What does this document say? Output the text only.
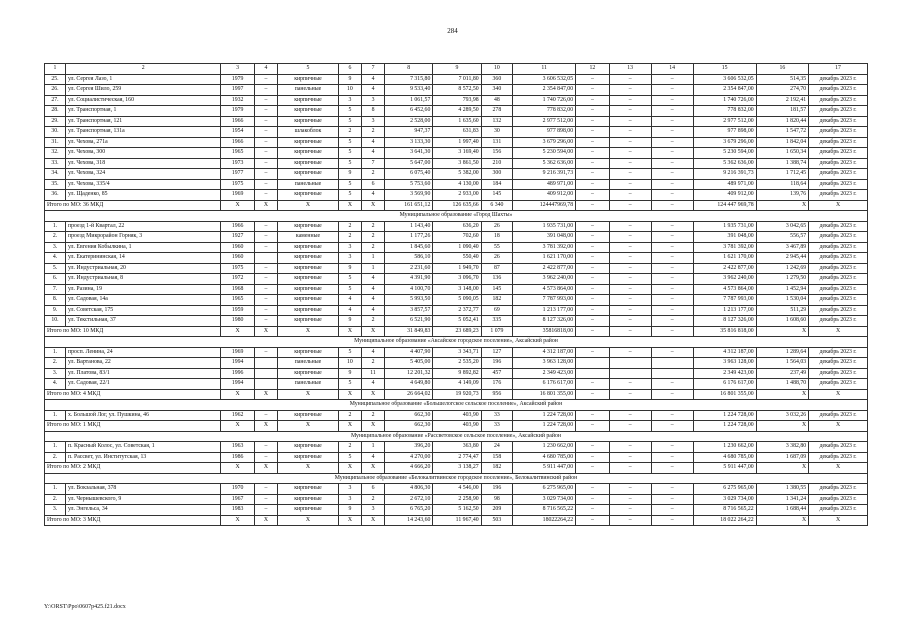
284
1	2	3	4	5	6	7	8	9	10	11	12	13	14	15	16	17
25.	ул. Сергея Лазо, 1	1979	–	кирпичные	9	4	7 315,80	7 011,80	360	3 606 532,05	–	–	–	3 606 532,05	514,35	декабрь 2023 г.
26.	ул. Сергея Шило, 259	1997	–	панельные	10	4	9 533,40	8 572,50	340	2 354 847,00	–	–	–	2 354 847,00	274,70	декабрь 2023 г.
27.	ул. Социалистическая, 160	1932	–	кирпичные	3	3	1 061,57	793,98	48	1 740 726,00	–	–	–	1 740 726,00	2 192,41	декабрь 2023 г.
28.	ул. Транспортная, 1	1979	–	кирпичные	5	8	6 452,60	4 289,50	278	778 832,00	–	–	–	778 832,00	181,57	декабрь 2023 г.
29.	ул. Транспортная, 121	1966	–	кирпичные	5	3	2 528,00	1 635,60	132	2 977 512,00	–	–	–	2 977 512,00	1 820,44	декабрь 2023 г.
30.	ул. Транспортная, 131а	1954	–	шлакоблок	2	2	947,37	631,83	30	977 898,00	–	–	–	977 898,00	1 547,72	декабрь 2023 г.
31.	ул. Чехова, 271а	1966	–	кирпичные	5	4	3 133,30	1 997,40	131	3 679 296,00	–	–	–	3 679 296,00	1 842,04	декабрь 2023 г.
32.	ул. Чехова, 300	1965	–	кирпичные	5	4	3 641,30	3 169,40	156	5 230 594,00	–	–	–	5 230 594,00	1 650,34	декабрь 2023 г.
33.	ул. Чехова, 318	1973	–	кирпичные	5	7	5 647,00	3 861,50	210	5 362 636,00	–	–	–	5 362 636,00	1 388,74	декабрь 2023 г.
34.	ул. Чехова, 324	1977	–	кирпичные	9	2	6 075,40	5 382,00	300	9 216 391,73	–	–	–	9 216 391,73	1 712,45	декабрь 2023 г.
35.	ул. Чехова, 335/4	1975	–	панельные	5	6	5 753,60	4 130,00	184	489 971,00	–	–	–	489 971,00	118,64	декабрь 2023 г.
36.	ул. Щаденко, 85	1969	–	кирпичные	5	4	3 569,90	2 933,00	145	409 912,00	–	–	–	409 912,00	139,76	декабрь 2023 г.
Итого по МО: 36 МКД		X	X	X	X	X	161 651,12	126 635,66	6 340	124447969,78	–	–	–	124 447 969,78	X	X
Муниципальное образование «Город Шахты»																
1.	проезд 1-й Квартал, 22	1966	–	кирпичные	2	2	1 143,40	636,20	26	1 935 731,00	–	–	–	1 935 731,00	3 042,65	декабрь 2023 г.
2.	проезд Микрорайон Горняк, 3	1927	–	каменные	2	2	1 177,26	702,60	18	391 048,00	–	–	–	391 048,00	556,57	декабрь 2023 г.
3.	ул. Евгения Кобылкина, 1	1960	–	кирпичные	3	2	1 845,60	1 090,40	55	3 781 392,00	–	–	–	3 781 392,00	3 467,89	декабрь 2023 г.
4.	ул. Екатерининская, 14	1960		кирпичные	3	1	586,10	550,40	26	1 621 170,00	–	–	–	1 621 170,00	2 945,44	декабрь 2023 г.
5.	ул. Индустриальная, 20	1975	–	кирпичные	9	1	2 231,60	1 949,70	87	2 422 877,00	–	–	–	2 422 877,00	1 242,69	декабрь 2023 г.
6.	ул. Индустриальная, 8	1972	–	кирпичные	5	4	4 391,90	3 096,70	136	3 962 240,00	–	–	–	3 962 240,00	1 279,50	декабрь 2023 г.
7.	ул. Разина, 19	1968	–	кирпичные	5	4	4 100,70	3 148,00	145	4 573 864,00	–	–	–	4 573 864,00	1 452,94	декабрь 2023 г.
8.	ул. Садовая, 14а	1965	–	кирпичные	4	4	5 993,50	5 090,05	182	7 787 993,00	–	–	–	7 787 993,00	1 530,04	декабрь 2023 г.
9.	ул. Советская, 175	1959	–	кирпичные	4	4	3 857,57	2 372,77	69	1 213 177,00	–	–	–	1 213 177,00	511,29	декабрь 2023 г.
10.	ул. Текстильная, 37	1980	–	кирпичные	9	2	6 521,90	5 052,41	335	8 127 326,00	–	–	–	8 127 326,00	1 608,60	декабрь 2023 г.
Итого по МО: 10 МКД		X	X	X	X	X	31 849,83	23 689,23	1 079	35816818,00	–	–	–	35 816 818,00	X	X
Муниципальное образование «Аксайское городское поселение», Аксайский район																
1.	просп. Ленина, 24	1969	–	кирпичные	5	4	4 407,90	3 343,71	127	4 312 187,00	–	–	–	4 312 187,00	1 289,64	декабрь 2023 г.
2.	ул. Вартанова, 22	1994		панельные	10	2	5 405,00	2 535,20	196	3 963 128,00				3 963 128,00	1 564,03	декабрь 2023 г.
3.	ул. Платова, 83/1	1996		кирпичные	9	11	12 201,32	9 892,82	457	2 349 423,00				2 349 423,00	237,49	декабрь 2023 г.
4.	ул. Садовая, 22/1	1994		панельные	5	4	4 649,80	4 149,09	176	6 176 617,00	–	–	–	6 176 617,00	1 488,70	декабрь 2023 г.
Итого по МО: 4 МКД		X	X	X	X	X	26 664,02	19 920,73	956	16 801 355,00	–	–	–	16 801 355,00	X	X
Муниципальное образование «Большелогское сельское поселение», Аксайский район																
1.	х. Большой Лог, ул. Пушкина, 46	1962	–	кирпичные	2	2	662,30	403,90	33	1 224 728,00	–	–	–	1 224 728,00	3 032,26	декабрь 2023 г.
Итого по МО: 1 МКД		X	X	X	X	X	662,30	403,90	33	1 224 728,00	–	–	–	1 224 728,00	X	X
Муниципальное образование «Рассветовское сельское поселение», Аксайский район																
1.	п. Красный Колос, ул. Советская, 1	1963	–	кирпичные	2	1	396,20	363,80	24	1 230 662,00	–	–	–	1 230 662,00	3 382,80	декабрь 2023 г.
2.	п. Рассвет, ул. Институтская, 13	1986	–	кирпичные	5	4	4 270,00	2 774,47	158	4 680 785,00	–	–	–	4 680 785,00	1 687,09	декабрь 2023 г.
Итого по МО: 2 МКД		X	X	X	X	X	4 666,20	3 138,27	182	5 911 447,00	–	–	–	5 911 447,00	X	X
Муниципальное образование «Белокалитвинское городское поселение», Белокалитвинский район																
1.	ул. Вокзальная, 378	1970	–	кирпичные	3	6	4 806,30	4 546,00	196	6 275 965,00	–	–	–	6 275 965,00	1 380,55	декабрь 2023 г.
2.	ул. Чернышевского, 9	1967	–	кирпичные	3	2	2 672,10	2 258,90	98	3 029 734,00	–	–	–	3 029 734,00	1 341,24	декабрь 2023 г.
3.	ул. Энгельса, 34	1983	–	кирпичные	9	3	6 765,20	5 162,50	209	8 716 565,22	–	–	–	8 716 565,22	1 688,44	декабрь 2023 г.
Итого по МО: 3 МКД		X	X	X	X	X	14 243,60	11 967,40	503	18022264,22	–	–	–	18 022 264,22	X	X
Y:\ORST\Ppo\0607p425.f21.docx
